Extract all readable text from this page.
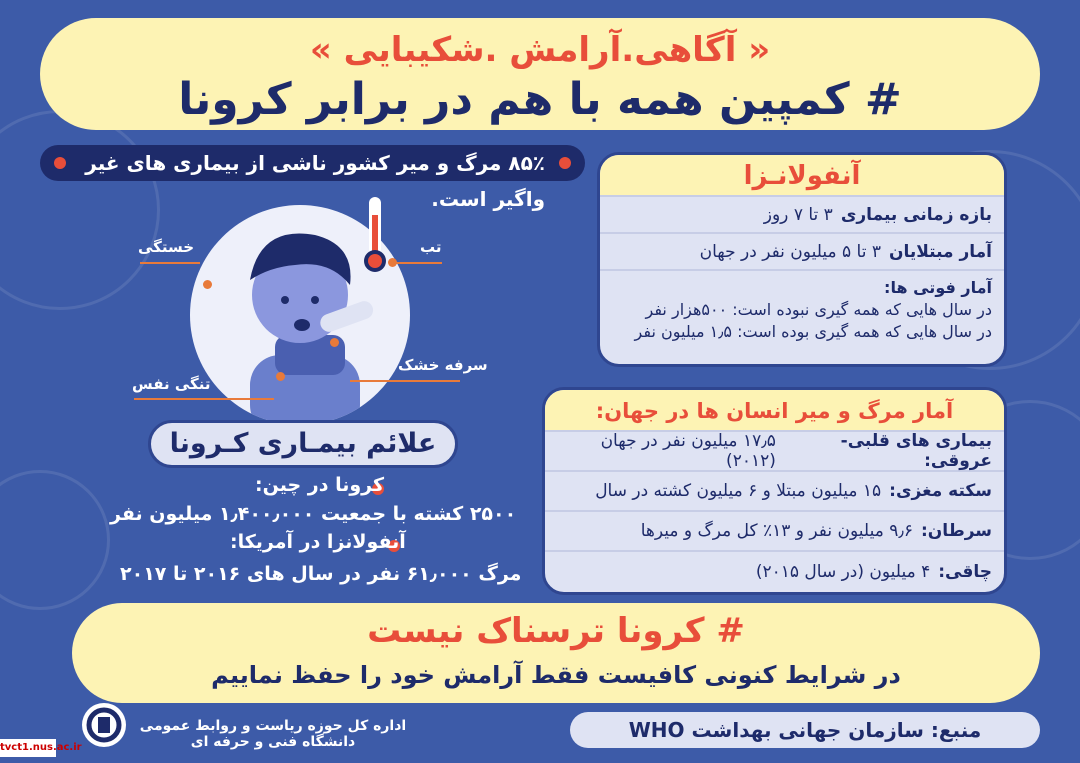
« آگاهی.آرامش .شکیبایی »
# کمپین همه با هم در برابر کرونا
۸۵٪ مرگ و میر کشور ناشی از بیماری های غیر واگیر است.
آنفولانـزا
بازه زمانی بیماری
۳ تا ۷ روز
آمار مبتلایان
۳ تا ۵ میلیون نفر در جهان
آمار فوتی ها:
در سال هایی که همه گیری نبوده است: ۵۰۰هزار نفر
در سال هایی که همه گیری بوده است: ۱٫۵ میلیون نفر
آمار مرگ و میر انسان ها در جهان:
بیماری های قلبی-عروقی:
۱۷٫۵ میلیون نفر در جهان (۲۰۱۲)
سکته مغزی:
۱۵ میلیون مبتلا و ۶ میلیون کشته در سال
سرطان:
۹٫۶ میلیون نفر و ۱۳٪ کل مرگ و میرها
چاقی:
۴ میلیون (در سال ۲۰۱۵)
تب
خستگی
سرفه خشک
تنگی نفس
علائم بیمـاری کـرونا
کرونا در چین:
۲۵۰۰ کشته با جمعیت ۱٫۴۰۰٫۰۰۰ میلیون نفر
آنفولانزا در آمریکا:
مرگ ۶۱٫۰۰۰ نفر در سال های ۲۰۱۶ تا ۲۰۱۷
# کرونا ترسناک نیست
در شرایط کنونی کافیست فقط آرامش خود را حفظ نماییم
منبع: سازمان جهانی بهداشت WHO
اداره کل حوزه ریاست و روابط عمومی دانشگاه فنی و حرفه ای
tvct1.nus.ac.ir
